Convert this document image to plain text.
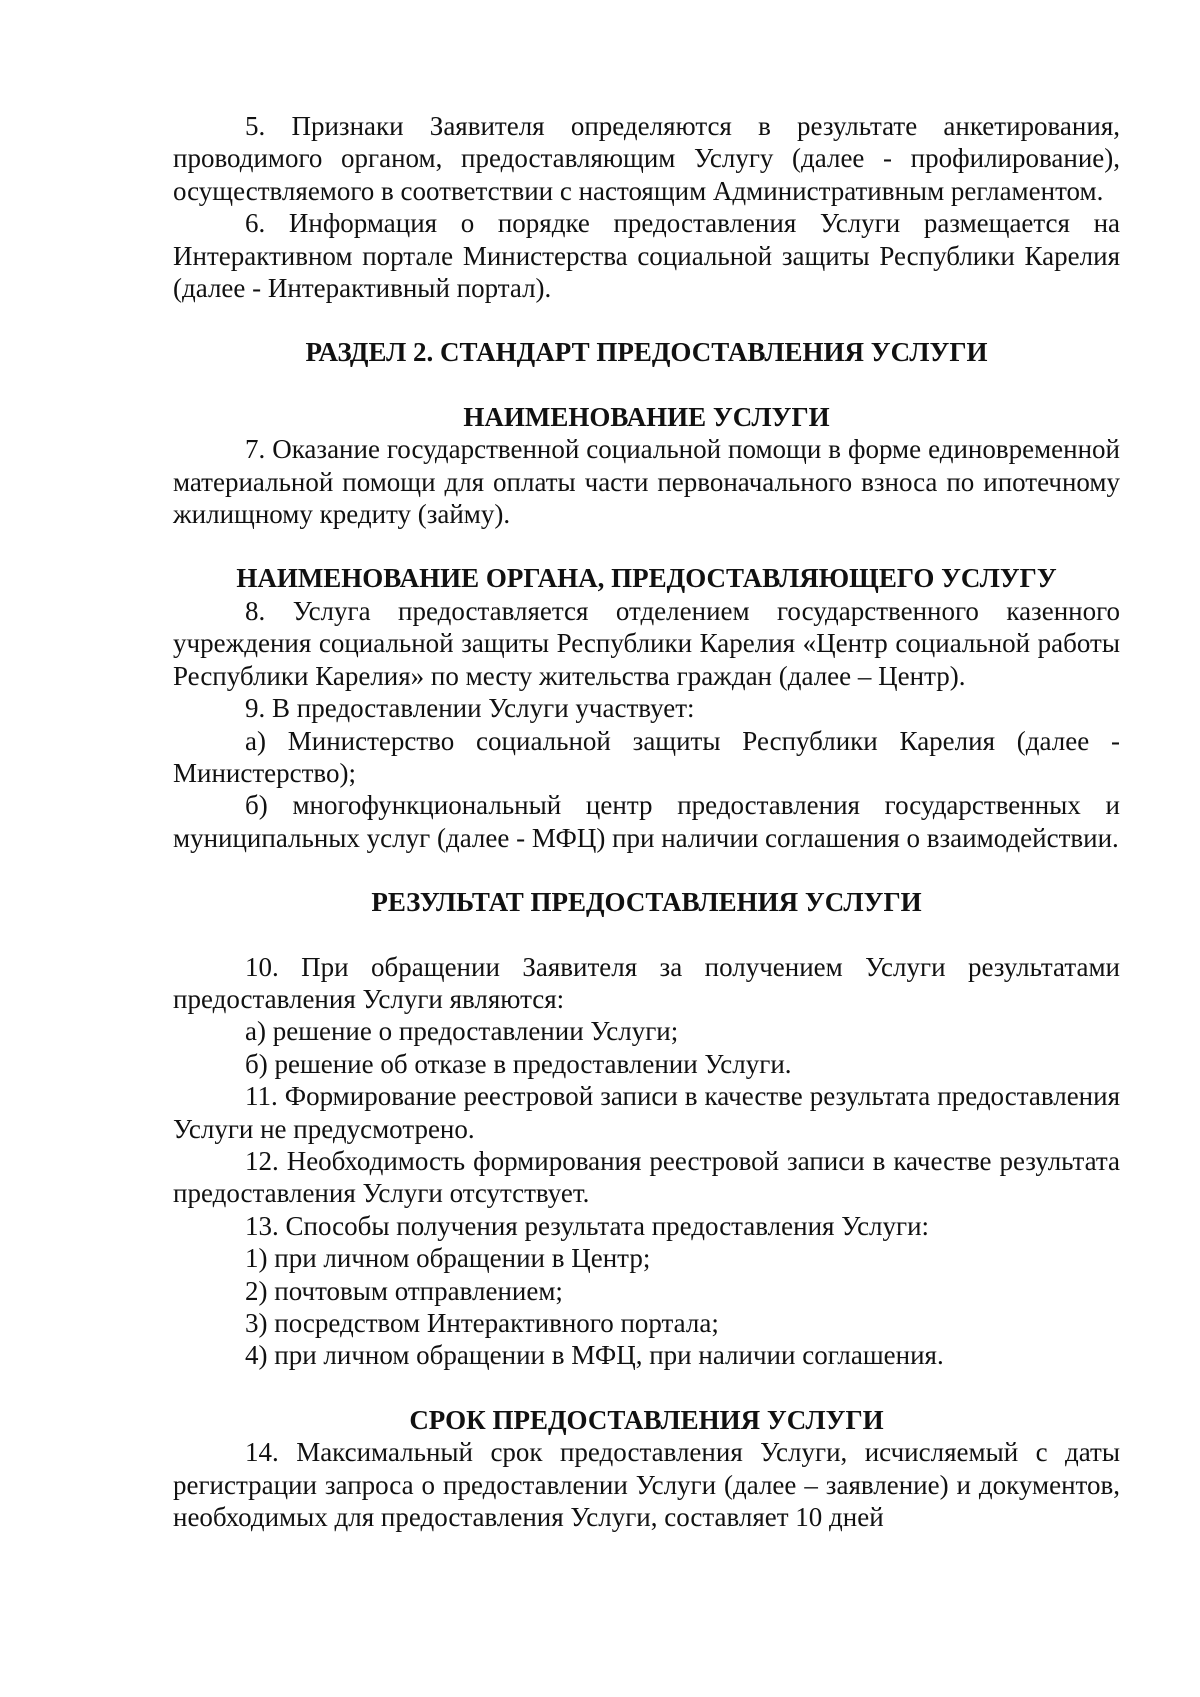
5. Признаки Заявителя определяются в результате анкетирования, проводимого органом, предоставляющим Услугу (далее - профилирование), осуществляемого в соответствии с настоящим Административным регламентом.

6. Информация о порядке предоставления Услуги размещается на Интерактивном портале Министерства социальной защиты Республики Карелия (далее - Интерактивный портал).

РАЗДЕЛ 2. СТАНДАРТ ПРЕДОСТАВЛЕНИЯ УСЛУГИ

НАИМЕНОВАНИЕ УСЛУГИ

7. Оказание государственной социальной помощи в форме единовременной материальной помощи для оплаты части первоначального взноса по ипотечному жилищному кредиту (займу).

НАИМЕНОВАНИЕ ОРГАНА, ПРЕДОСТАВЛЯЮЩЕГО УСЛУГУ

8. Услуга предоставляется отделением государственного казенного учреждения социальной защиты Республики Карелия «Центр социальной работы Республики Карелия» по месту жительства граждан (далее – Центр).

9. В предоставлении Услуги участвует:

а) Министерство социальной защиты Республики Карелия (далее - Министерство);

б) многофункциональный центр предоставления государственных и муниципальных услуг (далее - МФЦ) при наличии соглашения о взаимодействии.

РЕЗУЛЬТАТ ПРЕДОСТАВЛЕНИЯ УСЛУГИ

10. При обращении Заявителя за получением Услуги результатами предоставления Услуги являются:

а) решение о предоставлении Услуги;

б) решение об отказе в предоставлении Услуги.

11. Формирование реестровой записи в качестве результата предоставления Услуги не предусмотрено.

12. Необходимость формирования реестровой записи в качестве результата предоставления Услуги отсутствует.

13. Способы получения результата предоставления Услуги:

1) при личном обращении в Центр;

2) почтовым отправлением;

3) посредством Интерактивного портала;

4) при личном обращении в МФЦ, при наличии соглашения.

СРОК ПРЕДОСТАВЛЕНИЯ УСЛУГИ

14. Максимальный срок предоставления Услуги, исчисляемый с даты регистрации запроса о предоставлении Услуги (далее – заявление) и документов, необходимых для предоставления Услуги, составляет 10 дней
